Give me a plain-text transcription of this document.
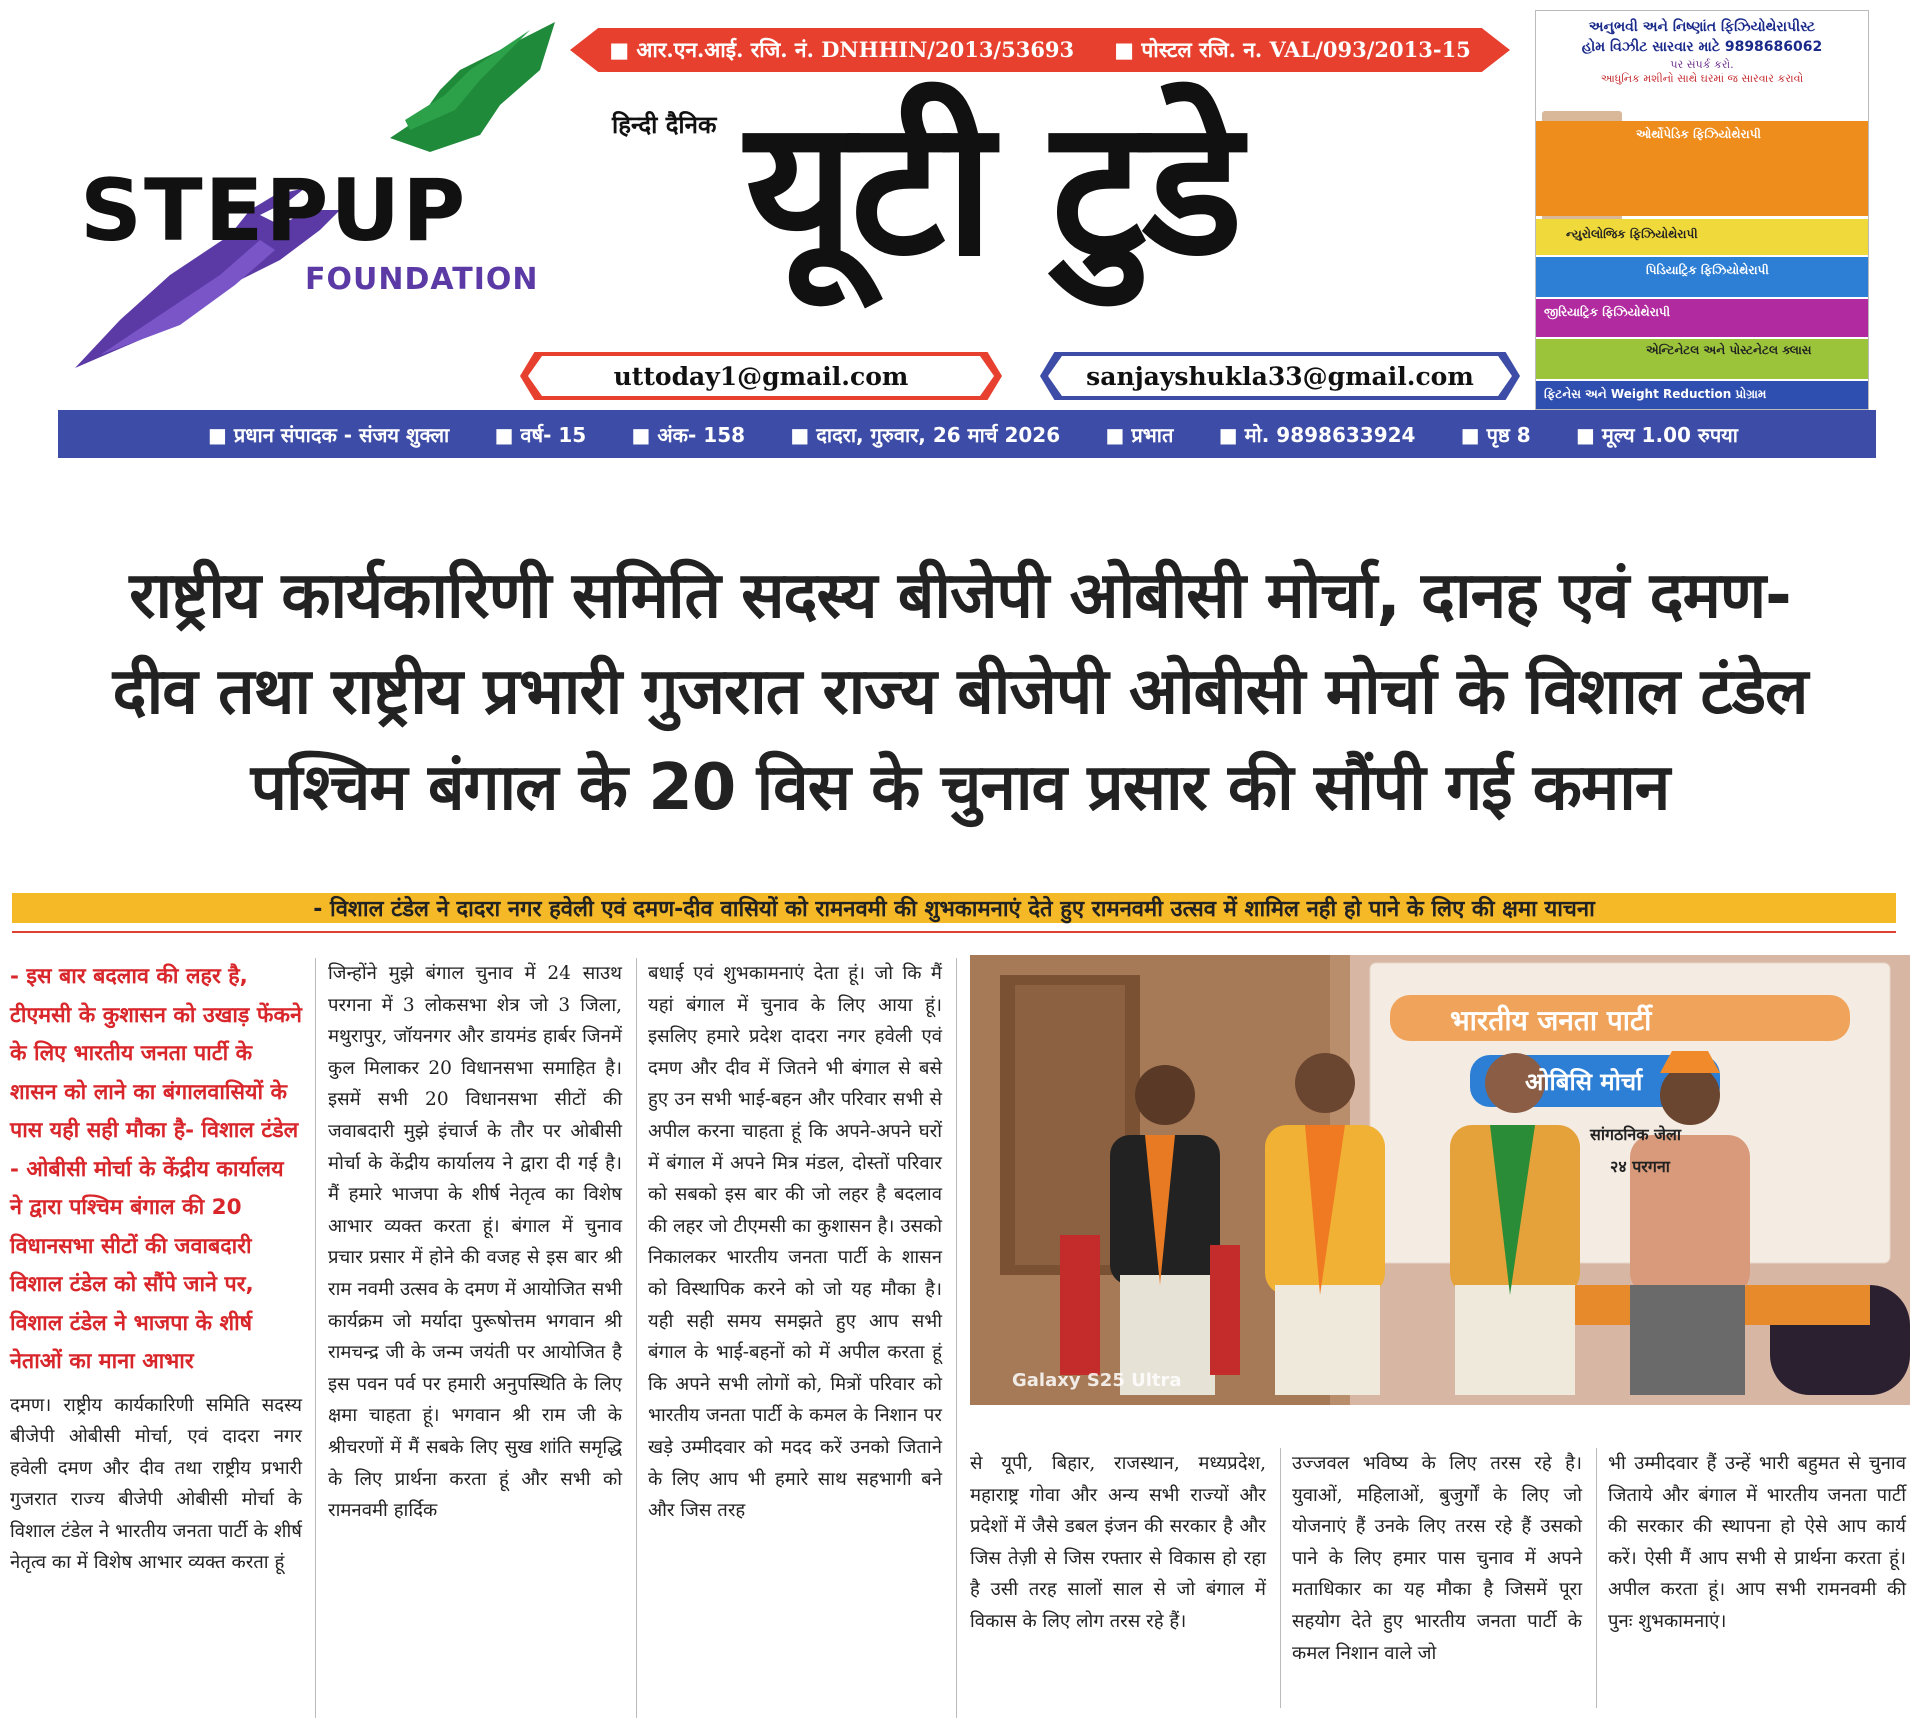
STEPUP
FOUNDATION
■ आर.एन.आई. रजि. नं. DNHHIN/2013/53693	■ पोस्टल रजि. न. VAL/093/2013-15
हिन्दी दैनिक यूटी टुडे
uttoday1@gmail.com	sanjayshukla33@gmail.com
અનુભવી અને નિષ્ણાંત ફિઝિયોથેરાપીસ્ટ
હોમ વિઝીટ સારવાર માટે 9898686062
પર સંપર્ક કરો.
આધુનિક મશીનો સાથે ઘરમાં જ સારવાર કરાવો
ઓર્થોપેડિક ફિઝિયોથેરાપી
ન્યુરોલોજિક ફિઝિયોથેરાપી
પિડિયાટ્રિક ફિઝિયોથેરાપી
જીરિયાટ્રિક ફિઝિયોથેરાપી
એન્ટિનેટલ અને પોસ્ટનેટલ ક્લાસ
ફિટનેસ અને Weight Reduction પ્રોગ્રામ
■ प्रधान संपादक - संजय शुक्ला	■ वर्ष- 15	■ अंक- 158	■ दादरा, गुरुवार, 26 मार्च 2026	■ प्रभात	■ मो. 9898633924	■ पृष्ठ 8	■ मूल्य 1.00 रुपया
राष्ट्रीय कार्यकारिणी समिति सदस्य बीजेपी ओबीसी मोर्चा, दानह एवं दमण-
दीव तथा राष्ट्रीय प्रभारी गुजरात राज्य बीजेपी ओबीसी मोर्चा के विशाल टंडेल
पश्चिम बंगाल के 20 विस के चुनाव प्रसार की सौंपी गई कमान
- विशाल टंडेल ने दादरा नगर हवेली एवं दमण-दीव वासियों को रामनवमी की शुभकामनाएं देते हुए रामनवमी उत्सव में शामिल नही हो पाने के लिए की क्षमा याचना
- इस बार बदलाव की लहर है, टीएमसी के कुशासन को उखाड़ फेंकने के लिए भारतीय जनता पार्टी के शासन को लाने का बंगालवासियों के पास यही सही मौका है- विशाल टंडेल
- ओबीसी मोर्चा के केंद्रीय कार्यालय ने द्वारा पश्चिम बंगाल की 20 विधानसभा सीटों की जवाबदारी विशाल टंडेल को सौंपे जाने पर, विशाल टंडेल ने भाजपा के शीर्ष नेताओं का माना आभार
दमण। राष्ट्रीय कार्यकारिणी समिति सदस्य बीजेपी ओबीसी मोर्चा, एवं दादरा नगर हवेली दमण और दीव तथा राष्ट्रीय प्रभारी गुजरात राज्य बीजेपी ओबीसी मोर्चा के विशाल टंडेल ने भारतीय जनता पार्टी के शीर्ष नेतृत्व का में विशेष आभार व्यक्त करता हूं
जिन्होंने मुझे बंगाल चुनाव में 24 साउथ परगना में 3 लोकसभा शेत्र जो 3 जिला, मथुरापुर, जॉयनगर और डायमंड हार्बर जिनमें कुल मिलाकर 20 विधानसभा समाहित है। इसमें सभी 20 विधानसभा सीटों की जवाबदारी मुझे इंचार्ज के तौर पर ओबीसी मोर्चा के केंद्रीय कार्यालय ने द्वारा दी गई है। मैं हमारे भाजपा के शीर्ष नेतृत्व का विशेष आभार व्यक्त करता हूं। बंगाल में चुनाव प्रचार प्रसार में होने की वजह से इस बार श्री राम नवमी उत्सव के दमण में आयोजित सभी कार्यक्रम जो मर्यादा पुरूषोत्तम भगवान श्री रामचन्द्र जी के जन्म जयंती पर आयोजित है इस पवन पर्व पर हमारी अनुपस्थिति के लिए क्षमा चाहता हूं। भगवान श्री राम जी के श्रीचरणों में मैं सबके लिए सुख शांति समृद्धि के लिए प्रार्थना करता हूं और सभी को रामनवमी हार्दिक
बधाई एवं शुभकामनाएं देता हूं। जो कि मैं यहां बंगाल में चुनाव के लिए आया हूं। इसलिए हमारे प्रदेश दादरा नगर हवेली एवं दमण और दीव में जितने भी बंगाल से बसे हुए उन सभी भाई-बहन और परिवार सभी से अपील करना चाहता हूं कि अपने-अपने घरों में बंगाल में अपने मित्र मंडल, दोस्तों परिवार को सबको इस बार की जो लहर है बदलाव की लहर जो टीएमसी का कुशासन है। उसको निकालकर भारतीय जनता पार्टी के शासन को विस्थापिक करने को जो यह मौका है। यही सही समय समझते हुए आप सभी बंगाल के भाई-बहनों को में अपील करता हूं कि अपने सभी लोगों को, मित्रों परिवार को भारतीय जनता पार्टी के कमल के निशान पर खड़े उम्मीदवार को मदद करें उनको जिताने के लिए आप भी हमारे साथ सहभागी बने और जिस तरह
भारतीय जनता पार्टी
ओबिसि मोर्चा
सांगठनिक जेला
२४ परगना
Galaxy S25 Ultra
से यूपी, बिहार, राजस्थान, मध्यप्रदेश, महाराष्ट्र गोवा और अन्य सभी राज्यों और प्रदेशों में जैसे डबल इंजन की सरकार है और जिस तेज़ी से जिस रफ्तार से विकास हो रहा है उसी तरह सालों साल से जो बंगाल में विकास के लिए लोग तरस रहे हैं।
उज्जवल भविष्य के लिए तरस रहे है। युवाओं, महिलाओं, बुजुर्गों के लिए जो योजनाएं हैं उनके लिए तरस रहे हैं उसको पाने के लिए हमार पास चुनाव में अपने मताधिकार का यह मौका है जिसमें पूरा सहयोग देते हुए भारतीय जनता पार्टी के कमल निशान वाले जो
भी उम्मीदवार हैं उन्हें भारी बहुमत से चुनाव जिताये और बंगाल में भारतीय जनता पार्टी की सरकार की स्थापना हो ऐसे आप कार्य करें। ऐसी मैं आप सभी से प्रार्थना करता हूं। अपील करता हूं। आप सभी रामनवमी की पुनः शुभकामनाएं।
